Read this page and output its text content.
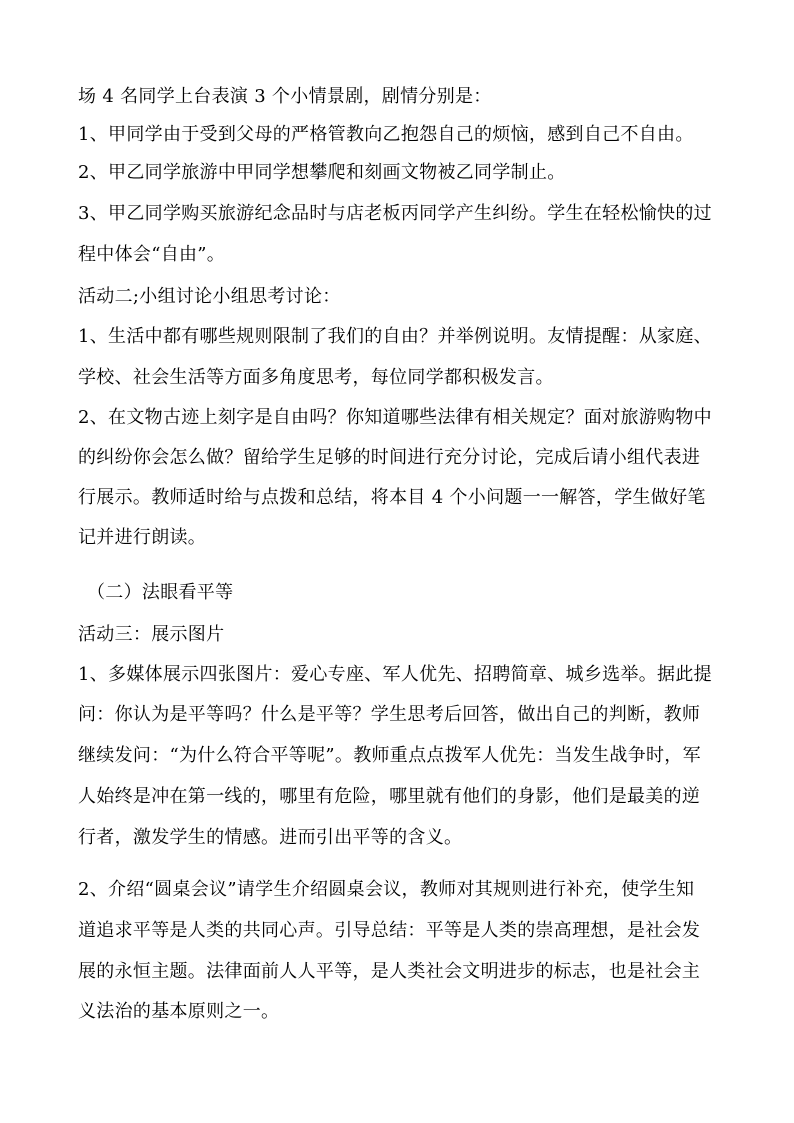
场 4 名同学上台表演 3 个小情景剧，剧情分别是：
1、甲同学由于受到父母的严格管教向乙抱怨自己的烦恼，感到自己不自由。
2、甲乙同学旅游中甲同学想攀爬和刻画文物被乙同学制止。
3、甲乙同学购买旅游纪念品时与店老板丙同学产生纠纷。学生在轻松愉快的过
程中体会“自由”。
活动二;小组讨论小组思考讨论：
1、生活中都有哪些规则限制了我们的自由？并举例说明。友情提醒：从家庭、
学校、社会生活等方面多角度思考，每位同学都积极发言。
2、在文物古迹上刻字是自由吗？你知道哪些法律有相关规定？面对旅游购物中
的纠纷你会怎么做？留给学生足够的时间进行充分讨论，完成后请小组代表进
行展示。教师适时给与点拨和总结，将本目 4 个小问题一一解答，学生做好笔
记并进行朗读。
（二）法眼看平等
活动三：展示图片
1、多媒体展示四张图片：爱心专座、军人优先、招聘简章、城乡选举。据此提
问：你认为是平等吗？什么是平等？学生思考后回答，做出自己的判断，教师
继续发问：“为什么符合平等呢”。教师重点点拨军人优先：当发生战争时，军
人始终是冲在第一线的，哪里有危险，哪里就有他们的身影，他们是最美的逆
行者，激发学生的情感。进而引出平等的含义。
2、介绍“圆桌会议”请学生介绍圆桌会议，教师对其规则进行补充，使学生知
道追求平等是人类的共同心声。引导总结：平等是人类的崇高理想，是社会发
展的永恒主题。法律面前人人平等，是人类社会文明进步的标志，也是社会主
义法治的基本原则之一。
